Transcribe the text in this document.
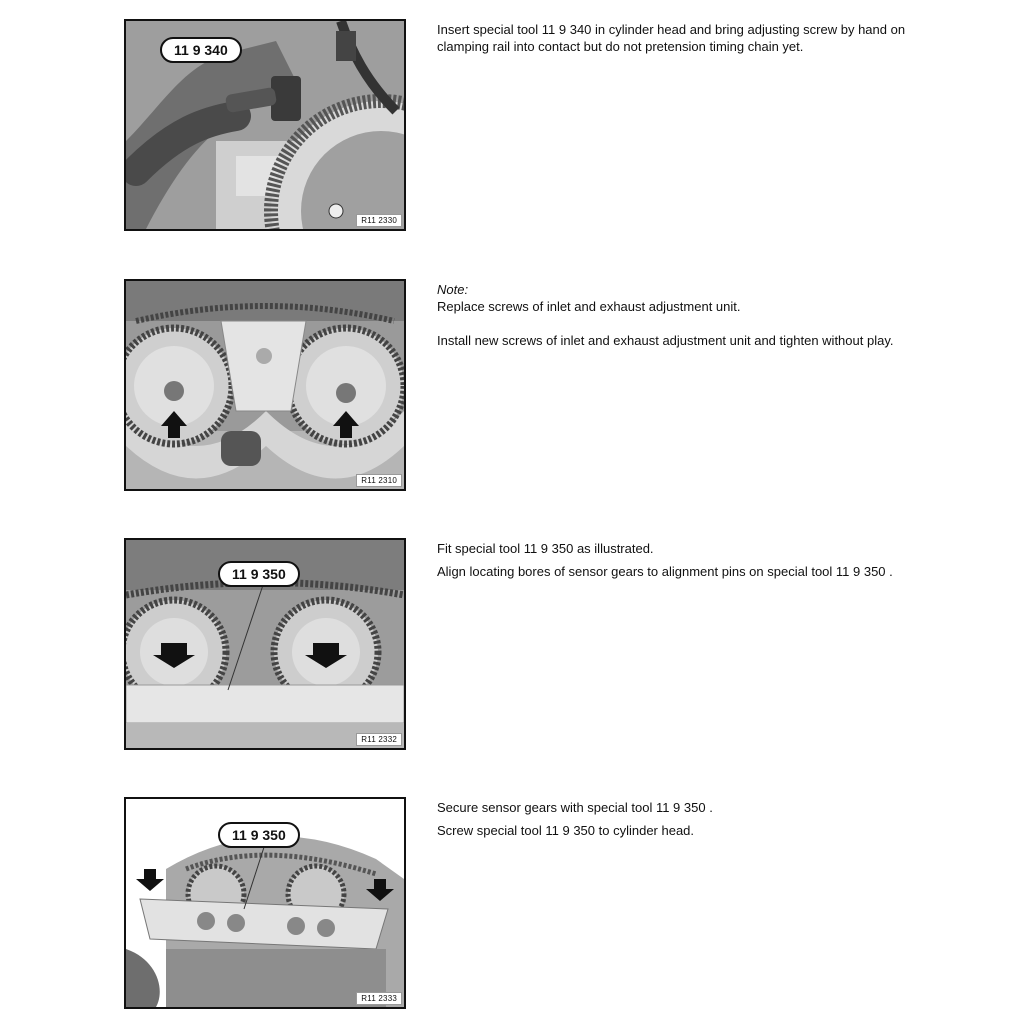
11 9 340
R11 2330

Insert special tool 11 9 340 in cylinder head and bring adjusting screw by hand on clamping rail into contact but do not pretension timing chain yet.

R11 2310
Note:

Replace screws of inlet and exhaust adjustment unit.

Install new screws of inlet and exhaust adjustment unit and tighten without play.

11 9 350
R11 2332

Fit special tool 11 9 350 as illustrated.

Align locating bores of sensor gears to alignment pins on special tool 11 9 350 .

11 9 350
R11 2333

Secure sensor gears with special tool 11 9 350 .

Screw special tool 11 9 350 to cylinder head.
